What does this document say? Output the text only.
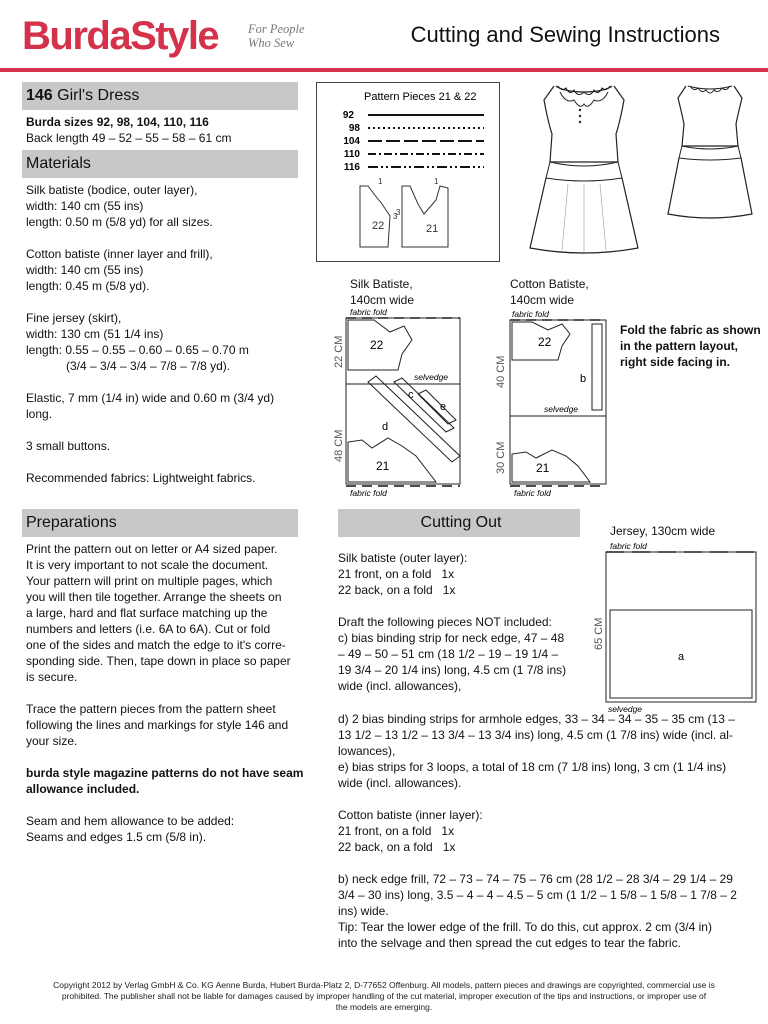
BurdaStyle For People
Who Sew	Cutting and Sewing Instructions
146
Girl's Dress
Burda sizes 92, 98, 104, 110, 116
Back length 49 – 52 – 55 – 58 – 61 cm
Materials

Silk batiste (bodice, outer layer),
width: 140 cm (55 ins)
length: 0.50 m (5/8 yd) for all sizes.

Cotton batiste (inner layer and frill),
width: 140 cm (55 ins)
length: 0.45 m (5/8 yd).

Fine jersey (skirt),
width: 130 cm (51 1/4 ins)
length: 0.55 – 0.55 – 0.60 – 0.65 – 0.70 m

(3/4 – 3/4 – 3/4 – 7/8 – 7/8 yd).

Elastic, 7 mm (1/4 in) wide and 0.60 m (3/4 yd)
long.

3 small buttons.

Recommended fabrics: Lightweight fabrics.

Preparations

Print the pattern out on letter or A4 sized paper.
It is very important to not scale the document.
Your pattern will print on multiple pages, which
you will then tile together. Arrange the sheets on
a large, hard and flat surface matching up the
numbers and letters (i.e. 6A to 6A). Cut or fold
one of the sides and match the edge to it's corre-
sponding side. Then, tape down in place so paper
is secure.

Trace the pattern pieces from the pattern sheet
following the lines and markings for style 146 and
your size.

burda style magazine patterns do not have seam
allowance included.

Seam and hem allowance to be added:
Seams and edges 1.5 cm (5/8 in).

Pattern Pieces 21 & 22
92
98
104
110
116
22
1
3
21
1
3
Silk Batiste,
140cm wide
fabric fold
selvedge
22 CM
48 CM
22
c
e
d
21
fabric fold
Cotton Batiste,
140cm wide
fabric fold
selvedge
40 CM
30 CM
22
b
21
fabric fold
Fold the fabric as shown
in the pattern layout,
right side facing in.
Cutting Out	Jersey, 130cm wide
fabric fold
a
65 CM
selvedge
Silk batiste (outer layer):
21 front, on a fold   1x
22 back, on a fold   1x
Draft the following pieces NOT included:
c) bias binding strip for neck edge, 47 – 48
– 49 – 50 – 51 cm (18 1/2 – 19 – 19 1/4 –
19 3/4 – 20 1/4 ins) long, 4.5 cm (1 7/8 ins)
wide (incl. allowances),
d) 2 bias binding strips for armhole edges, 33 – 34 – 34 – 35 – 35 cm (13 –
13 1/2 – 13 1/2 – 13 3/4 – 13 3/4 ins) long, 4.5 cm (1 7/8 ins) wide (incl. al-
lowances),
e) bias strips for 3 loops, a total of 18 cm (7 1/8 ins) long, 3 cm (1 1/4 ins)
wide (incl. allowances).
Cotton batiste (inner layer):
21 front, on a fold   1x
22 back, on a fold   1x
b) neck edge frill, 72 – 73 – 74 – 75 – 76 cm (28 1/2 – 28 3/4 – 29 1/4 – 29
3/4 – 30 ins) long, 3.5 – 4 – 4 – 4.5 – 5 cm (1 1/2 – 1 5/8 – 1 5/8 – 1 7/8 – 2
ins) wide.
Tip: Tear the lower edge of the frill. To do this, cut approx. 2 cm (3/4 in)
into the selvage and then spread the cut edges to tear the fabric.
Copyright 2012 by Verlag GmbH & Co. KG Aenne Burda, Hubert Burda-Platz 2, D-77652 Offenburg. All models, pattern pieces and drawings are copyrighted, commercial use is
prohibited. The publisher shall not be liable for damages caused by improper handling of the cut material, improper execution of the tips and instructions, or improper use of
the models are emerging.
